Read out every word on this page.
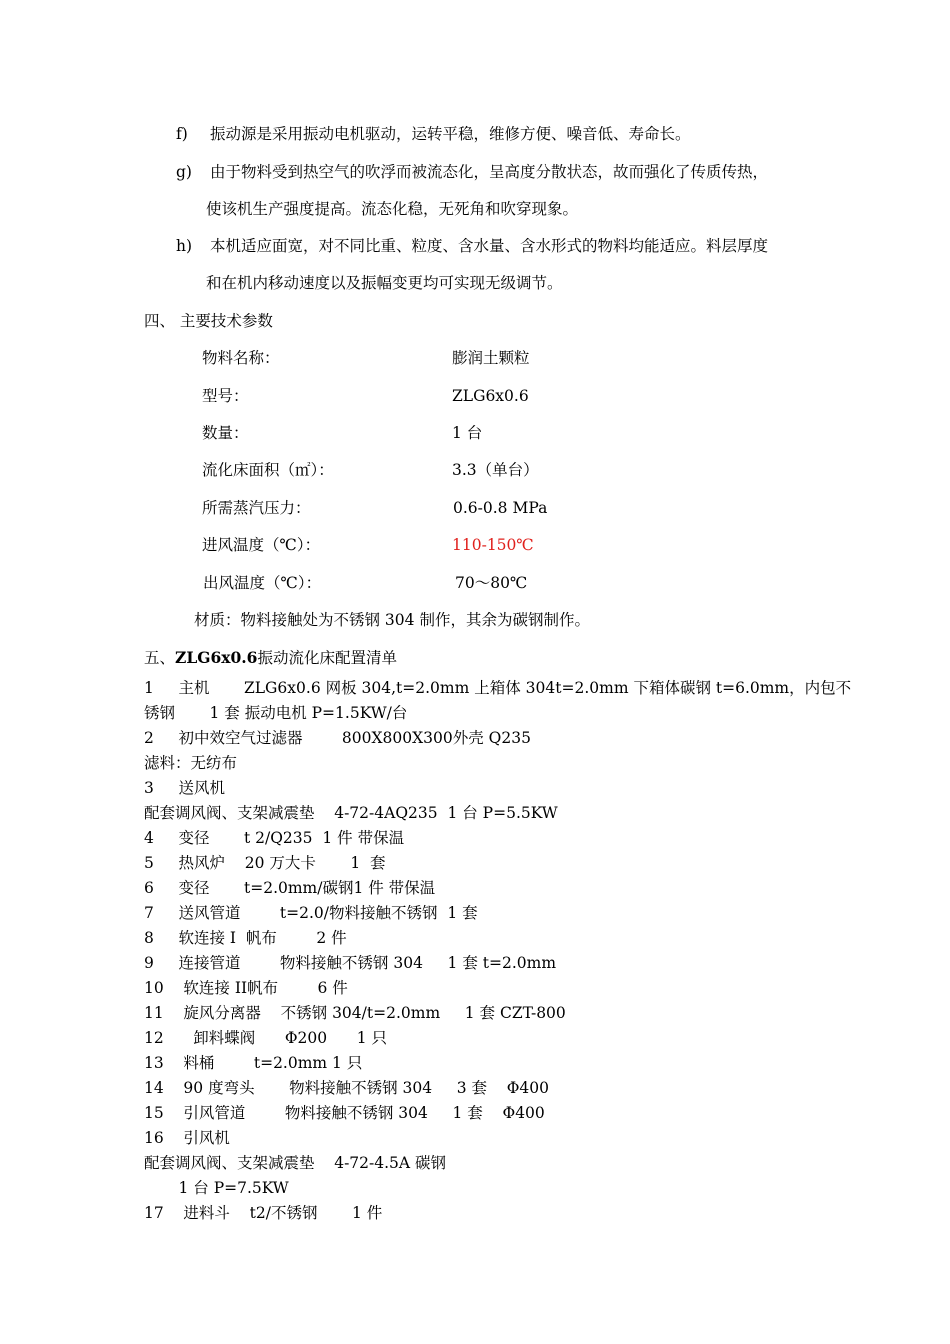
f) 振动源是采用振动电机驱动，运转平稳，维修方便、噪音低、寿命长。
g) 由于物料受到热空气的吹浮而被流态化，呈高度分散状态，故而强化了传质传热，
使该机生产强度提高。流态化稳，无死角和吹穿现象。
h) 本机适应面宽，对不同比重、粒度、含水量、含水形式的物料均能适应。料层厚度
和在机内移动速度以及振幅变更均可实现无级调节。
四、 主要技术参数
物料名称：	膨润土颗粒
型号：	ZLG6x0.6
数量：	1 台
流化床面积（㎡）：	3.3（单台）
所需蒸汽压力：	0.6-0.8 MPa
进风温度（℃）：	110-150℃
出风温度（℃）：	70～80℃
材质：物料接触处为不锈钢 304 制作，其余为碳钢制作。
五、ZLG6x0.6振动流化床配置清单
1     主机       ZLG6x0.6 网板 304,t=2.0mm 上箱体 304t=2.0mm 下箱体碳钢 t=6.0mm，内包不
锈钢       1 套 振动电机 P=1.5KW/台
2     初中效空气过滤器        800X800X300外壳 Q235
滤料：无纺布
3     送风机
配套调风阀、支架减震垫    4-72-4AQ235  1 台 P=5.5KW
4     变径       t 2/Q235  1 件 带保温
5     热风炉    20 万大卡       1  套
6     变径       t=2.0mm/碳钢1 件 带保温
7     送风管道        t=2.0/物料接触不锈钢  1 套
8     软连接 I  帆布        2 件
9     连接管道        物料接触不锈钢 304     1 套 t=2.0mm
10    软连接 II帆布        6 件
11    旋风分离器    不锈钢 304/t=2.0mm     1 套 CZT-800
12      卸料蝶阀      Φ200      1 只
13    料桶        t=2.0mm 1 只
14    90 度弯头       物料接触不锈钢 304     3 套    Φ400
15    引风管道        物料接触不锈钢 304     1 套    Φ400
16    引风机
配套调风阀、支架减震垫    4-72-4.5A 碳钢
1 台 P=7.5KW
17    进料斗    t2/不锈钢       1 件
